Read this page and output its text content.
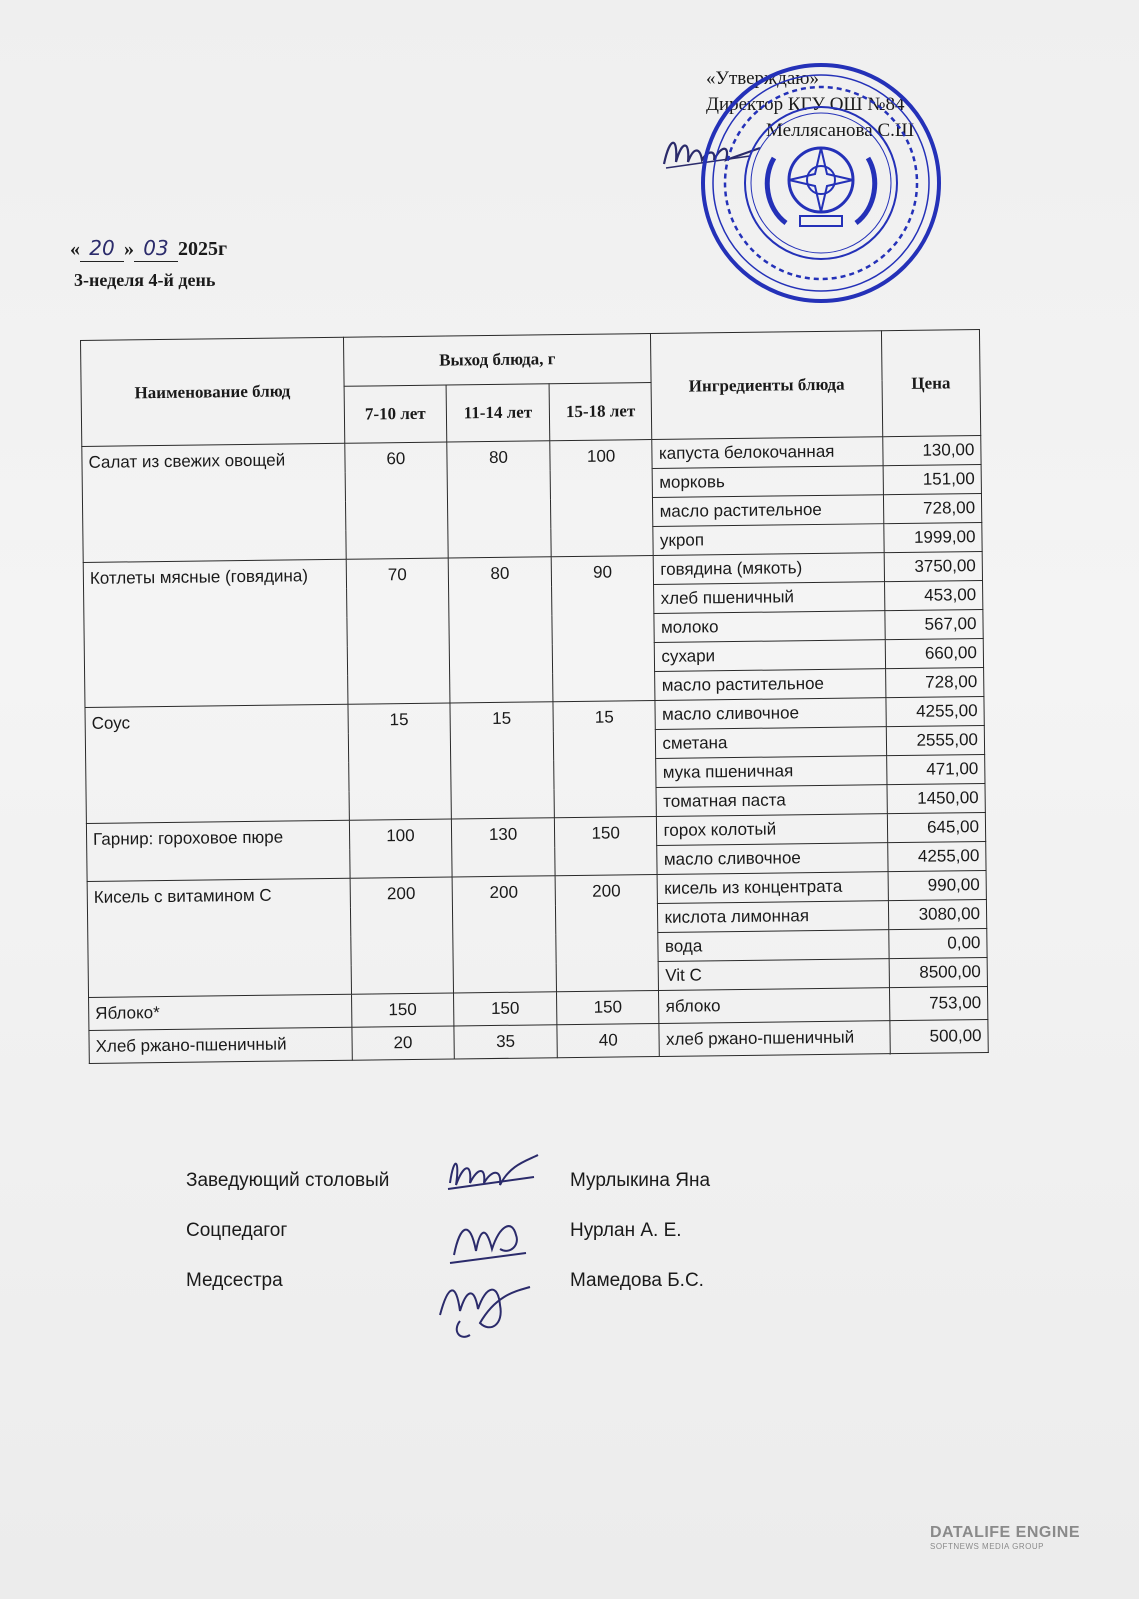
«Утверждаю»
Директор КГУ ОШ №84
Меллясанова С.Ш
« 20 » 03 2025г
3-неделя 4-й день
Наименование блюд	Выход блюда, г			Ингредиенты блюда	Цена
	7-10 лет	11-14 лет	15-18 лет		
Салат из свежих овощей	60	80	100	капуста белокочанная	130,00
				морковь	151,00
				масло растительное	728,00
				укроп	1999,00
Котлеты мясные (говядина)	70	80	90	говядина (мякоть)	3750,00
				хлеб пшеничный	453,00
				молоко	567,00
				сухари	660,00
				масло растительное	728,00
Соус	15	15	15	масло сливочное	4255,00
				сметана	2555,00
				мука пшеничная	471,00
				томатная паста	1450,00
Гарнир: гороховое пюре	100	130	150	горох колотый	645,00
				масло сливочное	4255,00
Кисель с витамином С	200	200	200	кисель из концентрата	990,00
				кислота лимонная	3080,00
				вода	0,00
				Vit C	8500,00
Яблоко*	150	150	150	яблоко	753,00
Хлеб ржано-пшеничный	20	35	40	хлеб ржано-пшеничный	500,00
Заведующий столовый	Мурлыкина Яна
Соцпедагог	Нурлан А. Е.
Медсестра	Мамедова Б.С.
DATALIFE ENGINE
SOFTNEWS MEDIA GROUP
